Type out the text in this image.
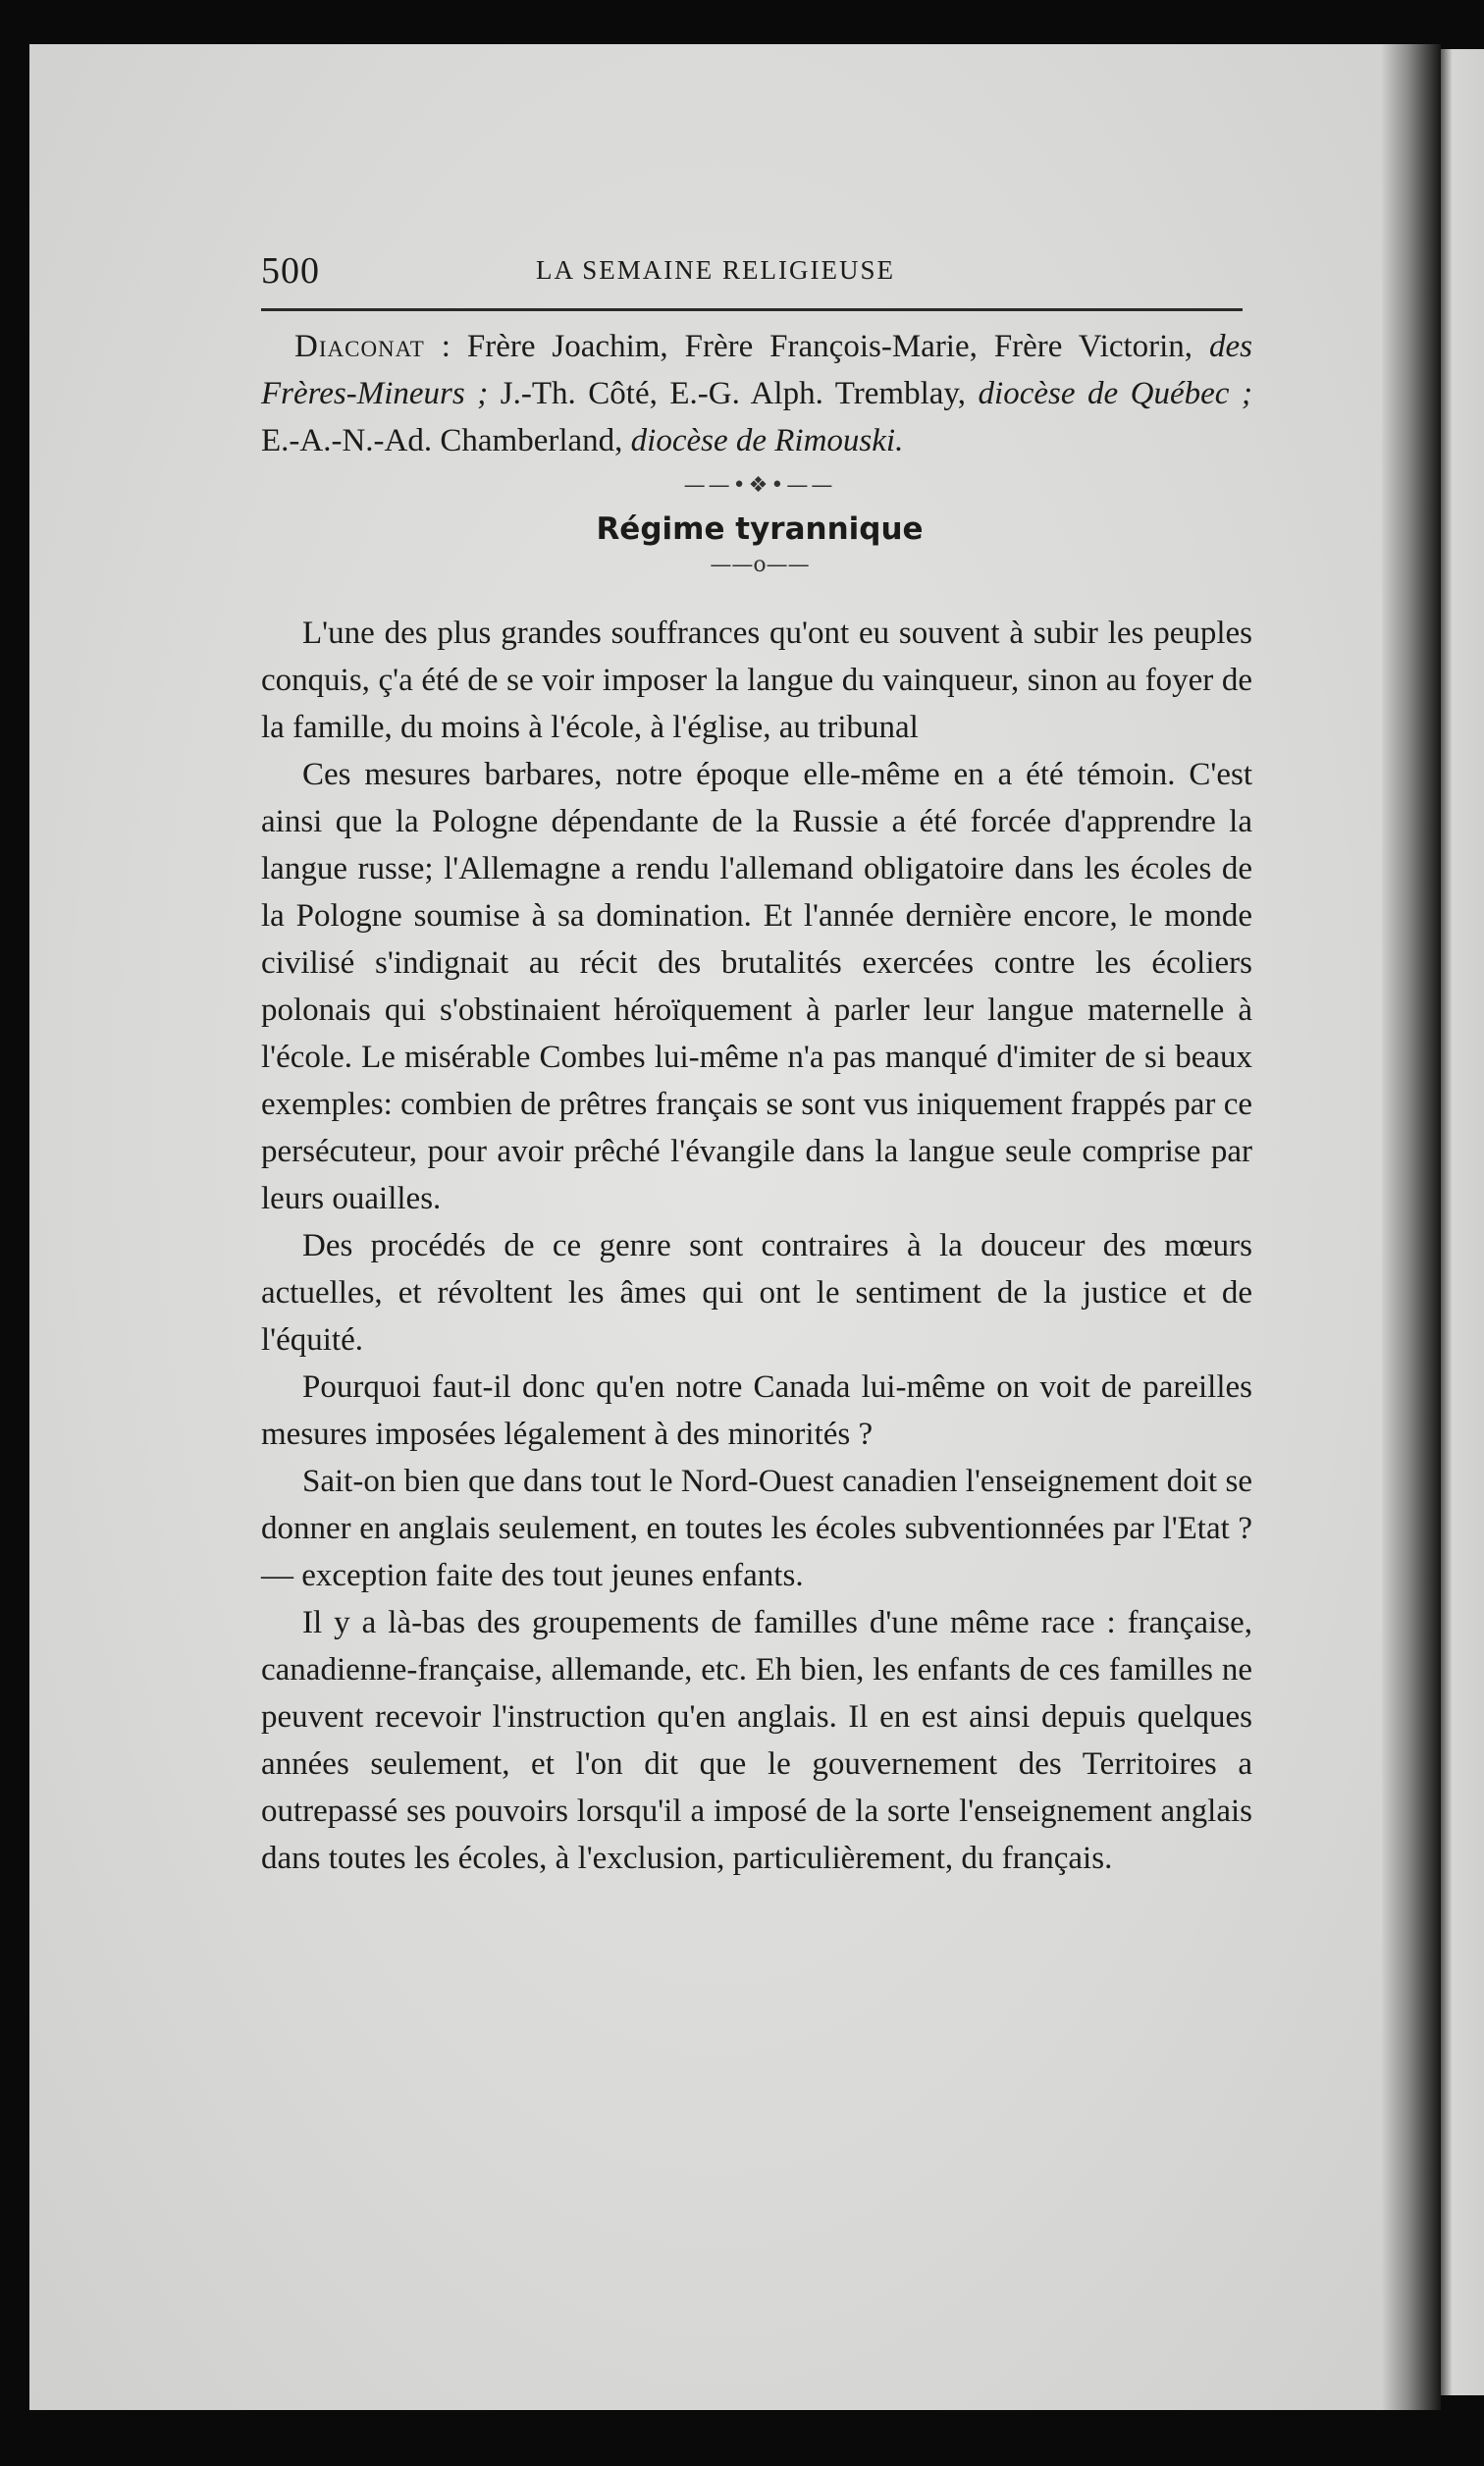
500	LA SEMAINE RELIGIEUSE

Diaconat : Frère Joachim, Frère François-Marie, Frère Victorin, des Frères-Mineurs ; J.-Th. Côté, E.-G. Alph. Tremblay, diocèse de Québec ; E.-A.-N.-Ad. Chamberland, diocèse de Rimouski.

——•❖•——
Régime tyrannique
——o——

L'une des plus grandes souffrances qu'ont eu souvent à subir les peuples conquis, ç'a été de se voir imposer la langue du vainqueur, sinon au foyer de la famille, du moins à l'école, à l'église, au tribunal

Ces mesures barbares, notre époque elle-même en a été témoin. C'est ainsi que la Pologne dépendante de la Russie a été forcée d'apprendre la langue russe; l'Allemagne a rendu l'allemand obligatoire dans les écoles de la Pologne soumise à sa domination. Et l'année dernière encore, le monde civilisé s'indignait au récit des brutalités exercées contre les écoliers polonais qui s'obstinaient héroïquement à parler leur langue maternelle à l'école. Le misérable Combes lui-même n'a pas manqué d'imiter de si beaux exemples: combien de prêtres français se sont vus iniquement frappés par ce persécuteur, pour avoir prêché l'évangile dans la langue seule comprise par leurs ouailles.

Des procédés de ce genre sont contraires à la douceur des mœurs actuelles, et révoltent les âmes qui ont le sentiment de la justice et de l'équité.

Pourquoi faut-il donc qu'en notre Canada lui-même on voit de pareilles mesures imposées légalement à des minorités ?

Sait-on bien que dans tout le Nord-Ouest canadien l'enseignement doit se donner en anglais seulement, en toutes les écoles subventionnées par l'Etat ? — exception faite des tout jeunes enfants.

Il y a là-bas des groupements de familles d'une même race : française, canadienne-française, allemande, etc. Eh bien, les enfants de ces familles ne peuvent recevoir l'instruction qu'en anglais. Il en est ainsi depuis quelques années seulement, et l'on dit que le gouvernement des Territoires a outrepassé ses pouvoirs lorsqu'il a imposé de la sorte l'enseignement anglais dans toutes les écoles, à l'exclusion, particulièrement, du français.
